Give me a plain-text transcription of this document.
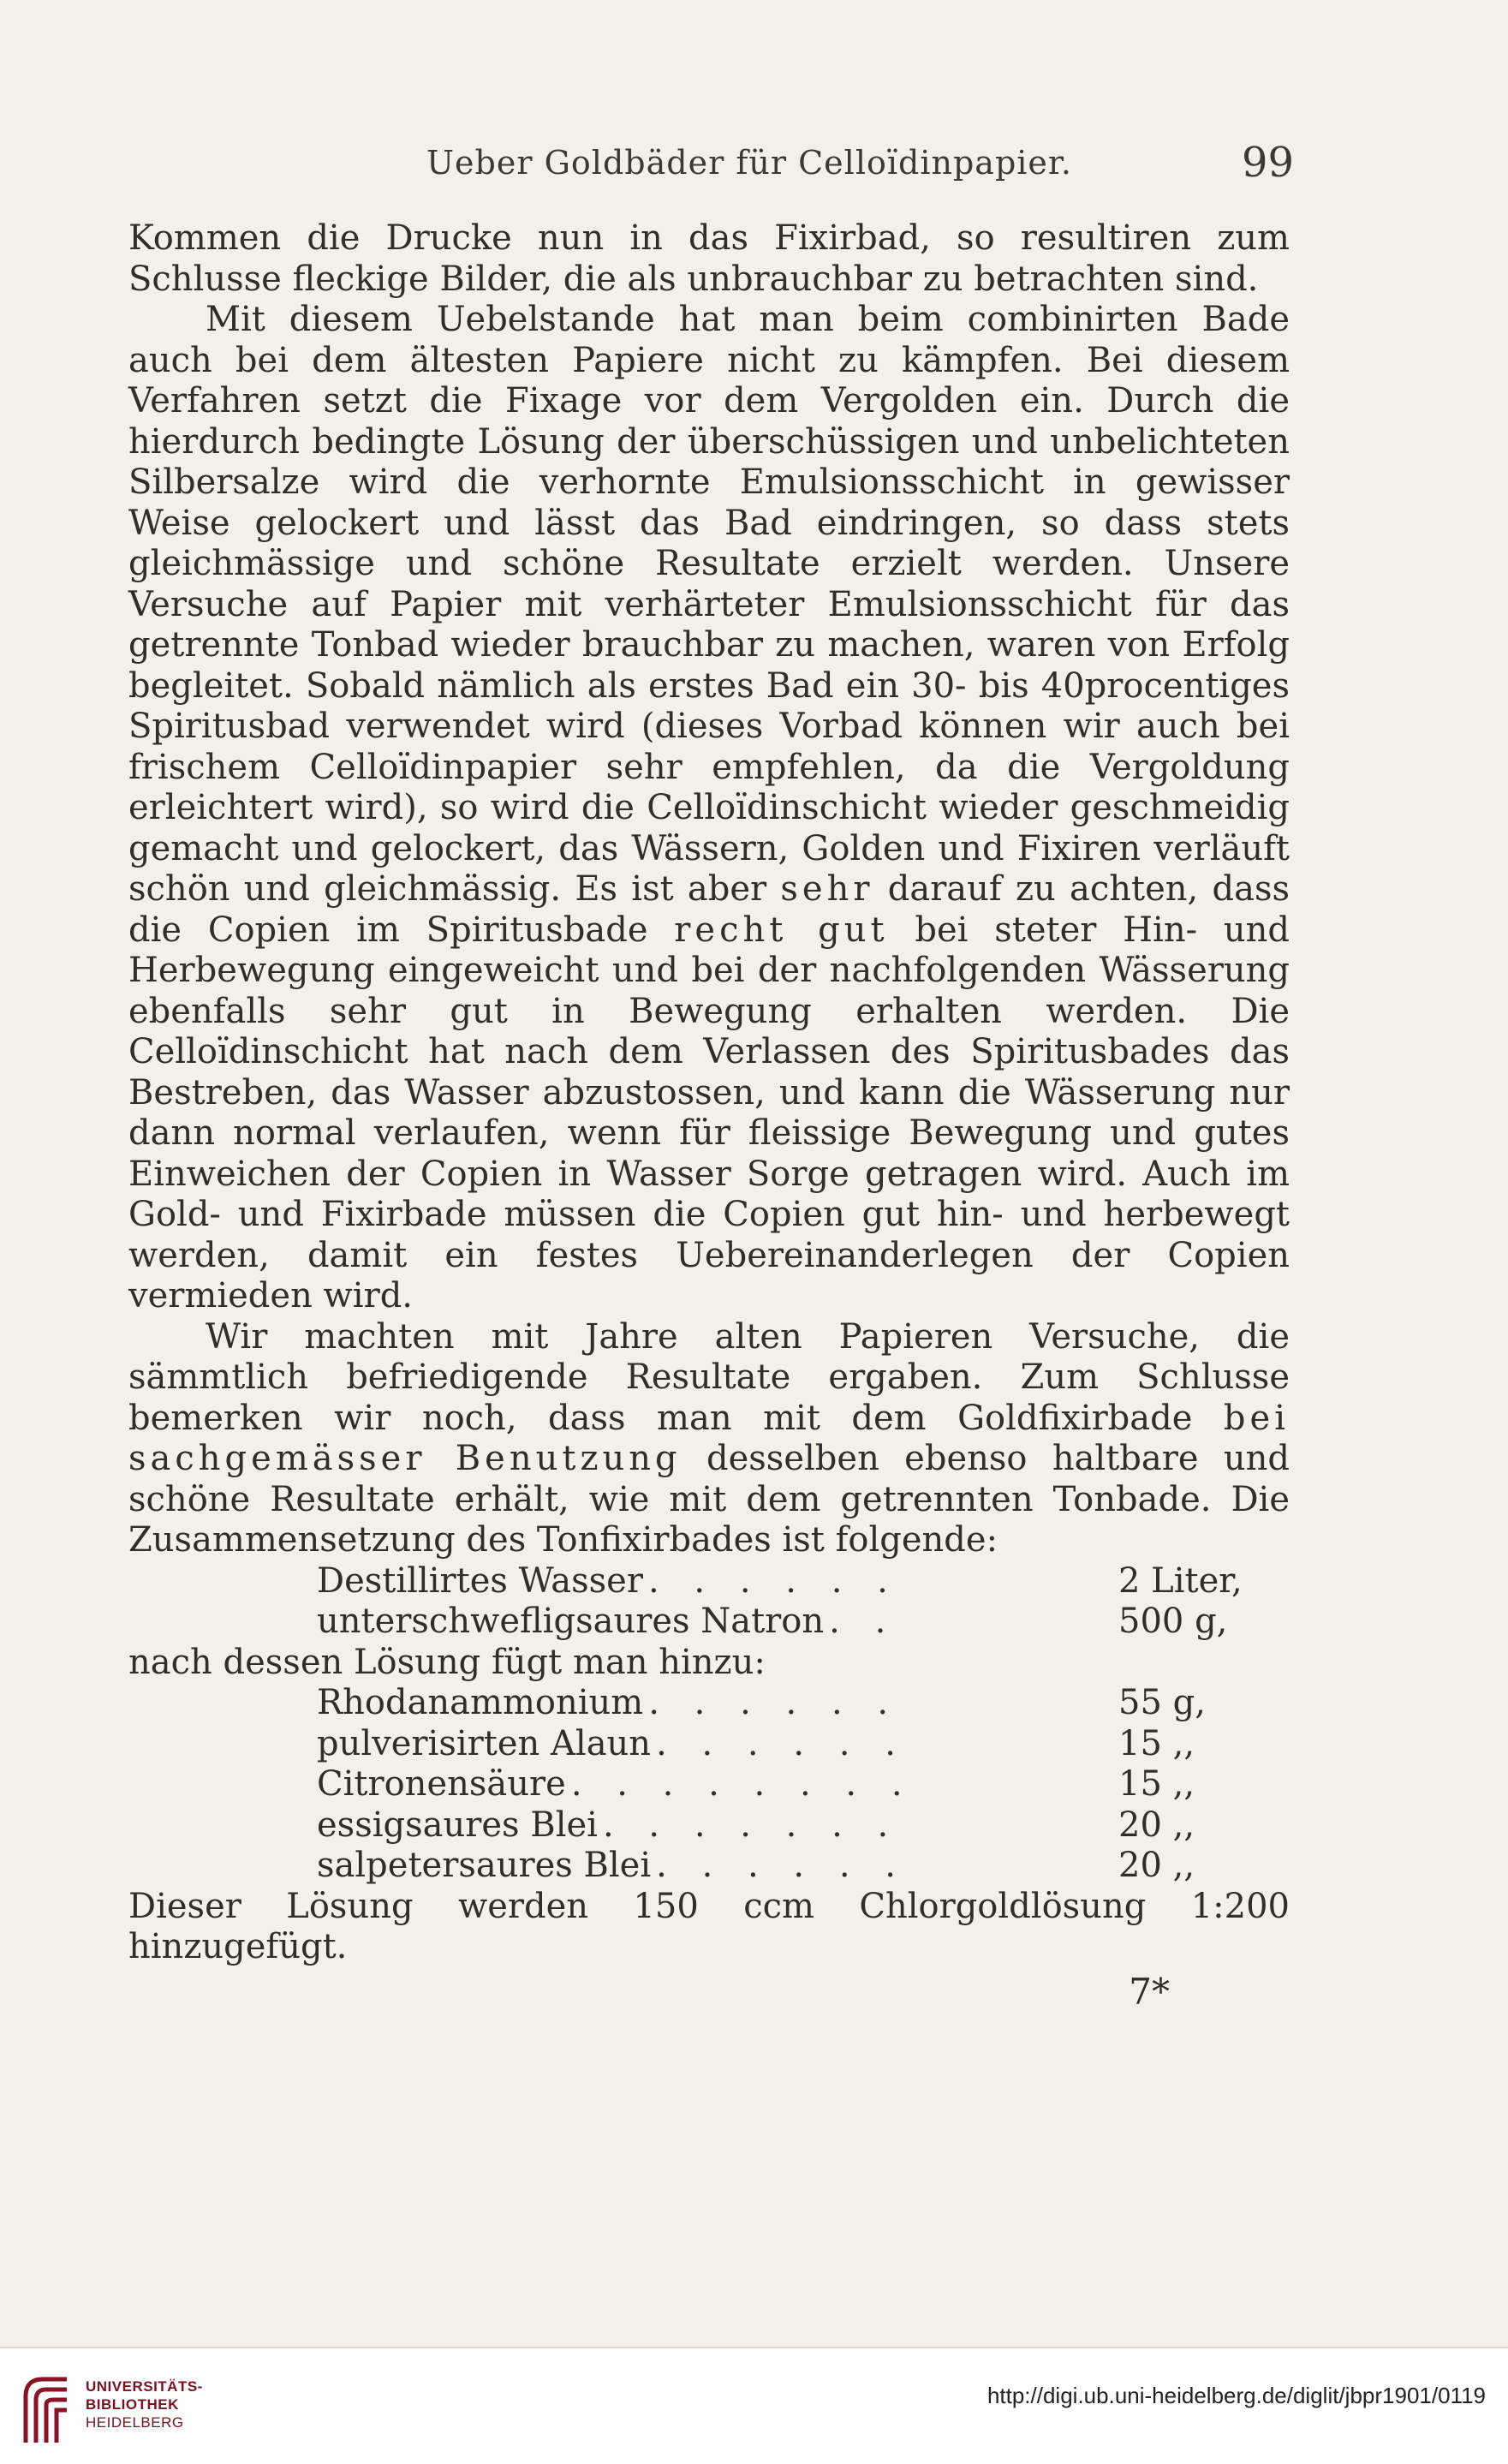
Ueber Goldbäder für Celloïdinpapier.	99

Kommen die Drucke nun in das Fixirbad, so resultiren zum Schlusse fleckige Bilder, die als unbrauchbar zu betrachten sind.

Mit diesem Uebelstande hat man beim combinirten Bade auch bei dem ältesten Papiere nicht zu kämpfen. Bei diesem Verfahren setzt die Fixage vor dem Vergolden ein. Durch die hierdurch bedingte Lösung der überschüssigen und unbelichteten Silbersalze wird die verhornte Emulsionsschicht in gewisser Weise gelockert und lässt das Bad eindringen, so dass stets gleichmässige und schöne Resultate erzielt werden. Unsere Versuche auf Papier mit verhärteter Emulsionsschicht für das getrennte Tonbad wieder brauchbar zu machen, waren von Erfolg begleitet. Sobald nämlich als erstes Bad ein 30- bis 40procentiges Spiritusbad verwendet wird (dieses Vorbad können wir auch bei frischem Celloïdinpapier sehr empfehlen, da die Vergoldung erleichtert wird), so wird die Celloïdinschicht wieder geschmeidig gemacht und gelockert, das Wässern, Golden und Fixiren verläuft schön und gleichmässig. Es ist aber sehr darauf zu achten, dass die Copien im Spiritusbade recht gut bei steter Hin- und Herbewegung eingeweicht und bei der nachfolgenden Wässerung ebenfalls sehr gut in Bewegung erhalten werden. Die Celloïdinschicht hat nach dem Verlassen des Spiritusbades das Bestreben, das Wasser abzustossen, und kann die Wässerung nur dann normal verlaufen, wenn für fleissige Bewegung und gutes Einweichen der Copien in Wasser Sorge getragen wird. Auch im Gold- und Fixirbade müssen die Copien gut hin- und herbewegt werden, damit ein festes Uebereinanderlegen der Copien vermieden wird.

Wir machten mit Jahre alten Papieren Versuche, die sämmtlich befriedigende Resultate ergaben. Zum Schlusse bemerken wir noch, dass man mit dem Goldfixirbade bei sachgemässer Benutzung desselben ebenso haltbare und schöne Resultate erhält, wie mit dem getrennten Tonbade. Die Zusammensetzung des Tonfixirbades ist folgende:

Destillirtes Wasser . . . . . .	2 Liter,
unterschwefligsaures Natron . .	500 g,

nach dessen Lösung fügt man hinzu:

Rhodanammonium . . . . . .	55 g,
pulverisirten Alaun . . . . . .	15 ,,
Citronensäure . . . . . . . .	15 ,,
essigsaures Blei . . . . . . .	20 ,,
salpetersaures Blei . . . . . .	20 ,,

Dieser Lösung werden 150 ccm Chlorgoldlösung 1:200 hinzugefügt.

7*
UNIVERSITÄTS-
BIBLIOTHEK
HEIDELBERG
http://digi.ub.uni-heidelberg.de/diglit/jbpr1901/0119
